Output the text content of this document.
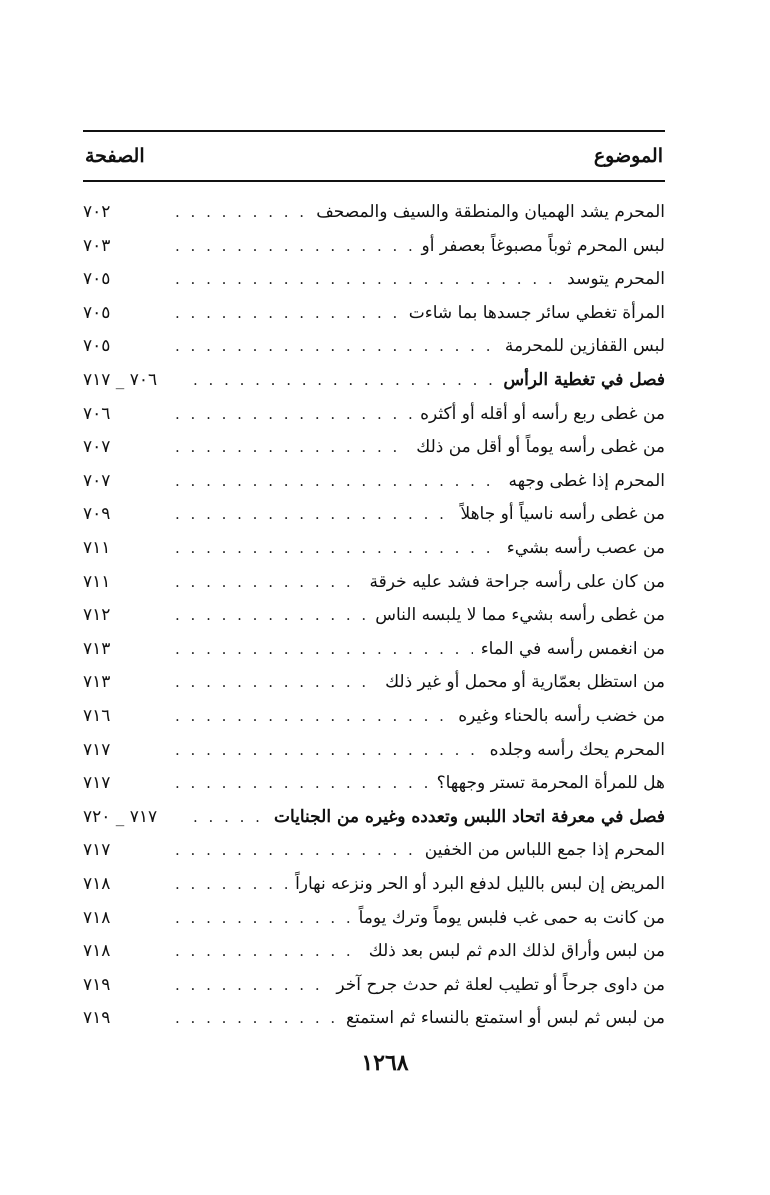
الموضوع
الصفحة
المحرم يشد الهميان والمنطقة والسيف والمصحف
. . .
٧٠٢
لبس المحرم ثوباً مصبوغاً بعصفر أو
. . .
٧٠٣
المحرم يتوسد
. . .
٧٠٥
المرأة تغطي سائر جسدها بما شاءت
. . .
٧٠٥
لبس القفازين للمحرمة
. . .
٧٠٥
فصل في تغطية الرأس
. . .
٧٠٦ _ ٧١٧
من غطى ربع رأسه أو أقله أو أكثره
. . .
٧٠٦
من غطى رأسه يوماً أو أقل من ذلك
. . .
٧٠٧
المحرم إذا غطى وجهه
. . .
٧٠٧
من غطى رأسه ناسياً أو جاهلاً
. . .
٧٠٩
من عصب رأسه بشيء
. . .
٧١١
من كان على رأسه جراحة فشد عليه خرقة
. . .
٧١١
من غطى رأسه بشيء مما لا يلبسه الناس
. . .
٧١٢
من انغمس رأسه في الماء
. . .
٧١٣
من استظل بعمّارية أو محمل أو غير ذلك
. . .
٧١٣
من خضب رأسه بالحناء وغيره
. . .
٧١٦
المحرم يحك رأسه وجلده
. . .
٧١٧
هل للمرأة المحرمة تستر وجهها؟
. . .
٧١٧
فصل في معرفة اتحاد اللبس وتعدده وغيره من الجنايات
. . .
٧١٧ _ ٧٢٠
المحرم إذا جمع اللباس من الخفين
. . .
٧١٧
المريض إن لبس بالليل لدفع البرد أو الحر ونزعه نهاراً
. . .
٧١٨
من كانت به حمى غب فلبس يوماً وترك يوماً
. . .
٧١٨
من لبس وأراق لذلك الدم ثم لبس بعد ذلك
. . .
٧١٨
من داوى جرحاً أو تطيب لعلة ثم حدث جرح آخر
. . .
٧١٩
من لبس ثم لبس أو استمتع بالنساء ثم استمتع
. . .
٧١٩
١٢٦٨
